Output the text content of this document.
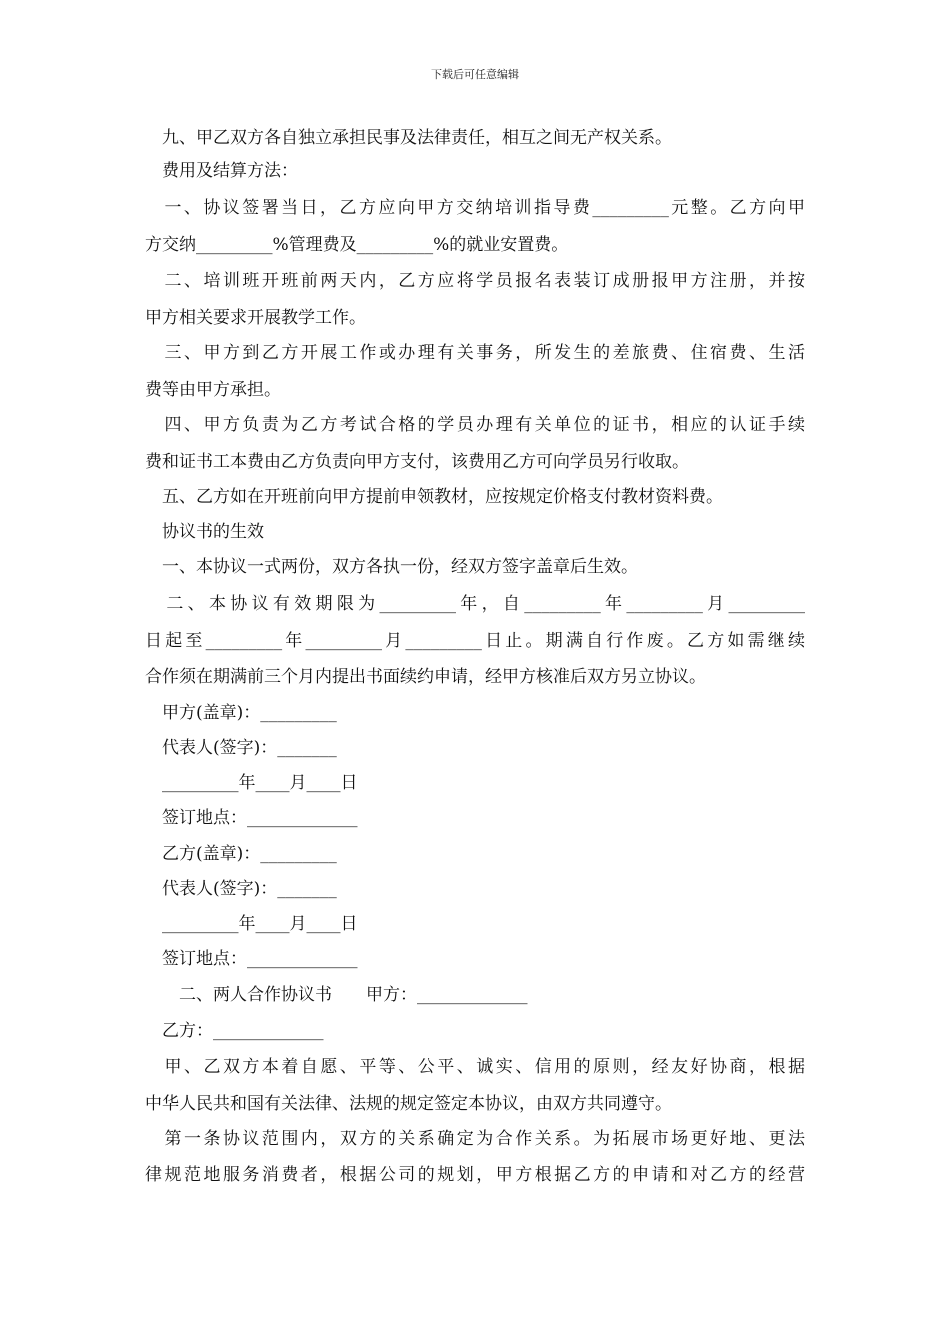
下载后可任意编辑
　九、甲乙双方各自独立承担民事及法律责任，相互之间无产权关系。
　费用及结算方法：
　一、协议签署当日，乙方应向甲方交纳培训指导费_________元整。乙方向甲
方交纳_________%管理费及_________%的就业安置费。
　二、培训班开班前两天内，乙方应将学员报名表装订成册报甲方注册，并按
甲方相关要求开展教学工作。
　三、甲方到乙方开展工作或办理有关事务，所发生的差旅费、住宿费、生活
费等由甲方承担。
　四、甲方负责为乙方考试合格的学员办理有关单位的证书，相应的认证手续
费和证书工本费由乙方负责向甲方支付，该费用乙方可向学员另行收取。
　五、乙方如在开班前向甲方提前申领教材，应按规定价格支付教材资料费。
　协议书的生效
　一、本协议一式两份，双方各执一份，经双方签字盖章后生效。
　二、本协议有效期限为_________年，自_________年_________月_________
日起至_________年_________月_________日止。期满自行作废。乙方如需继续
合作须在期满前三个月内提出书面续约申请，经甲方核准后双方另立协议。
　甲方(盖章)：_________
　代表人(签字)：_______
　_________年____月____日
　签订地点：_____________
　乙方(盖章)：_________
　代表人(签字)：_______
　_________年____月____日
　签订地点：_____________
　　二、两人合作协议书　　甲方：_____________
　乙方：_____________
　甲、乙双方本着自愿、平等、公平、诚实、信用的原则，经友好协商，根据
中华人民共和国有关法律、法规的规定签定本协议，由双方共同遵守。
　第一条协议范围内，双方的关系确定为合作关系。为拓展市场更好地、更法
律规范地服务消费者，根据公司的规划，甲方根据乙方的申请和对乙方的经营
